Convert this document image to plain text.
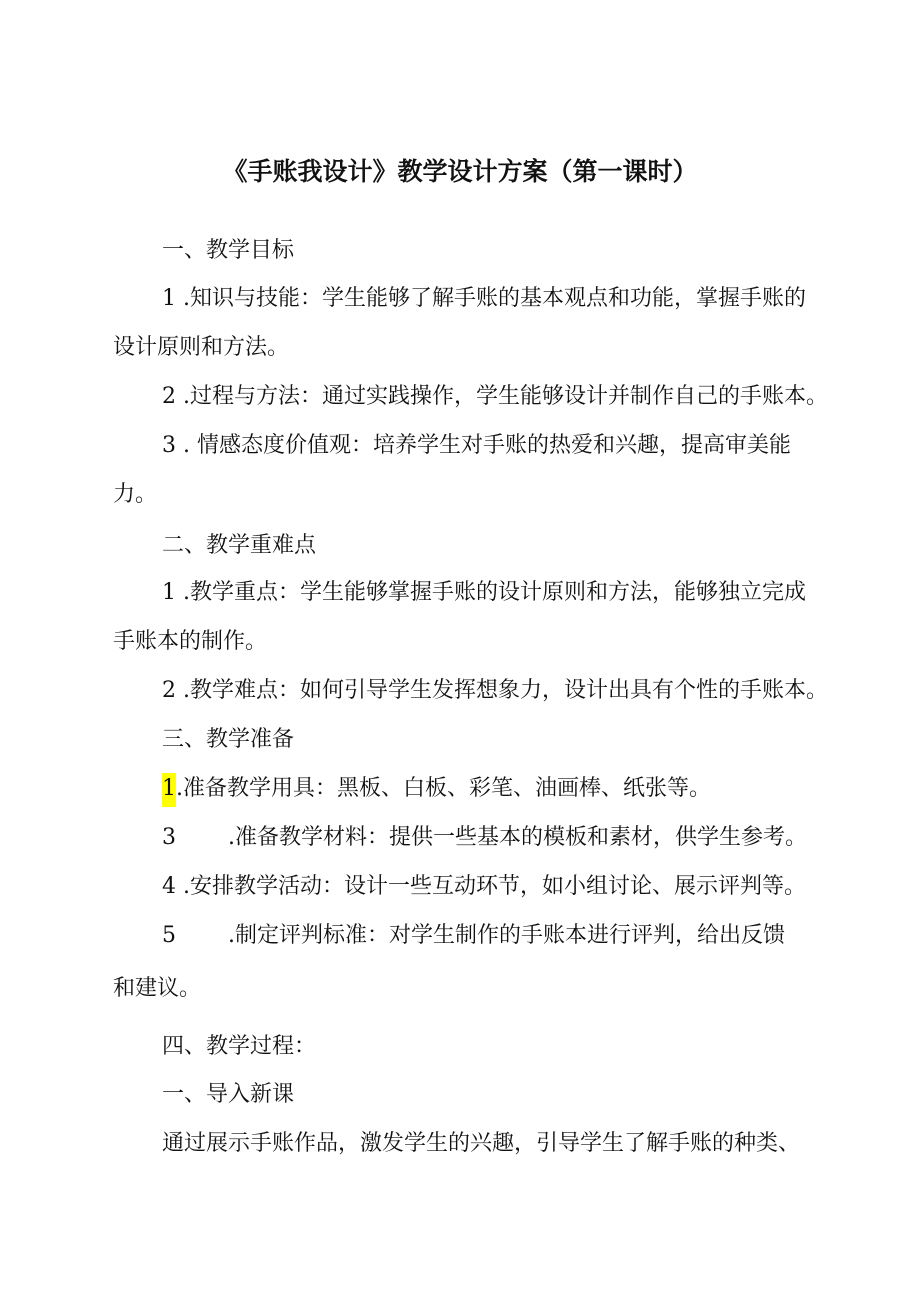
《手账我设计》教学设计方案（第一课时）

一、教学目标

1 .知识与技能：学生能够了解手账的基本观点和功能，掌握手账的

设计原则和方法。

2 .过程与方法：通过实践操作，学生能够设计并制作自己的手账本。

3 . 情感态度价值观：培养学生对手账的热爱和兴趣，提高审美能

力。

二、教学重难点

1 .教学重点：学生能够掌握手账的设计原则和方法，能够独立完成

手账本的制作。

2 .教学难点：如何引导学生发挥想象力，设计出具有个性的手账本。

三、教学准备

1.准备教学用具：黑板、白板、彩笔、油画棒、纸张等。

3 .准备教学材料：提供一些基本的模板和素材，供学生参考。

4 .安排教学活动：设计一些互动环节，如小组讨论、展示评判等。

5 .制定评判标准：对学生制作的手账本进行评判，给出反馈

和建议。

四、教学过程：

一、导入新课

通过展示手账作品，激发学生的兴趣，引导学生了解手账的种类、
